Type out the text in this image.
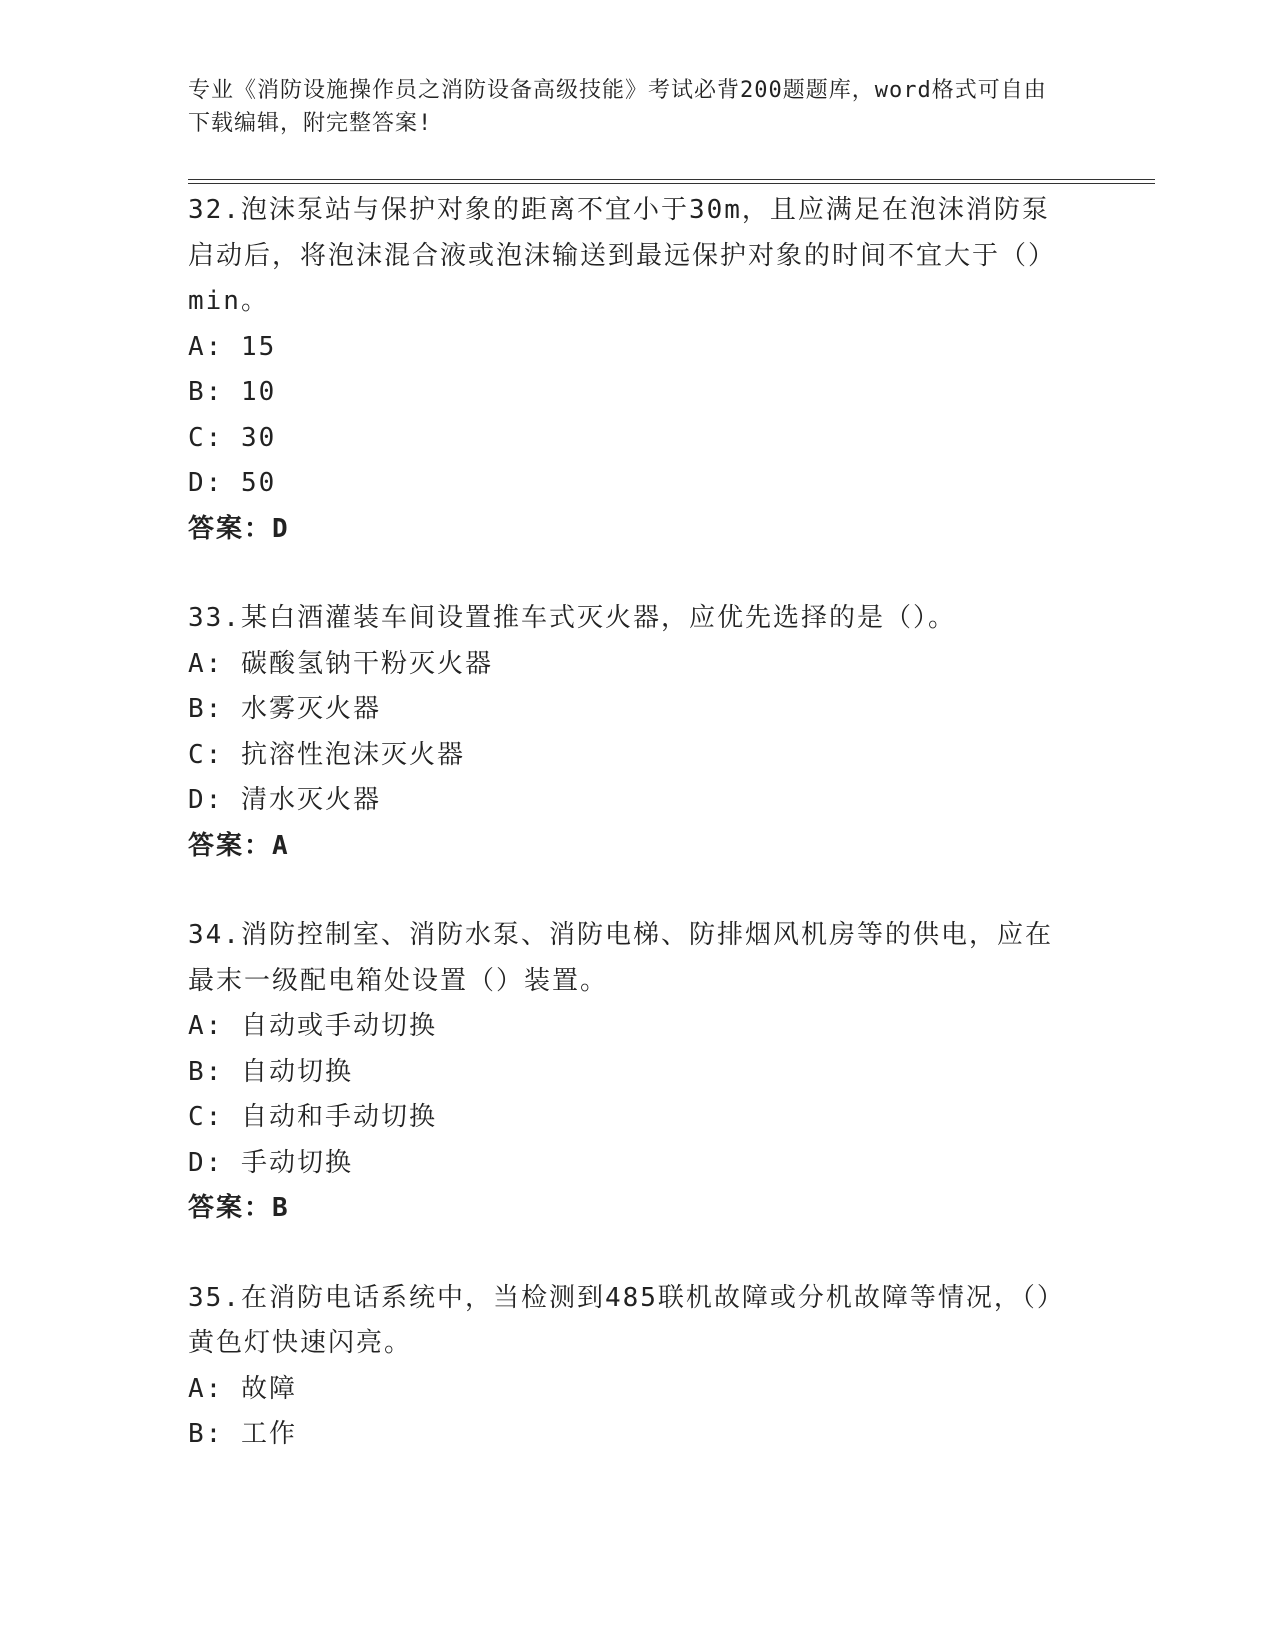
专业《消防设施操作员之消防设备高级技能》考试必背200题题库，word格式可自由下载编辑，附完整答案!
32.泡沫泵站与保护对象的距离不宜小于30m，且应满足在泡沫消防泵启动后，将泡沫混合液或泡沫输送到最远保护对象的时间不宜大于（）min。
A: 15
B: 10
C: 30
D: 50
答案：D
33.某白酒灌装车间设置推车式灭火器，应优先选择的是（）。
A: 碳酸氢钠干粉灭火器
B: 水雾灭火器
C: 抗溶性泡沫灭火器
D: 清水灭火器
答案：A
34.消防控制室、消防水泵、消防电梯、防排烟风机房等的供电，应在最末一级配电箱处设置（）装置。
A: 自动或手动切换
B: 自动切换
C: 自动和手动切换
D: 手动切换
答案：B
35.在消防电话系统中，当检测到485联机故障或分机故障等情况，（）黄色灯快速闪亮。
A: 故障
B: 工作
